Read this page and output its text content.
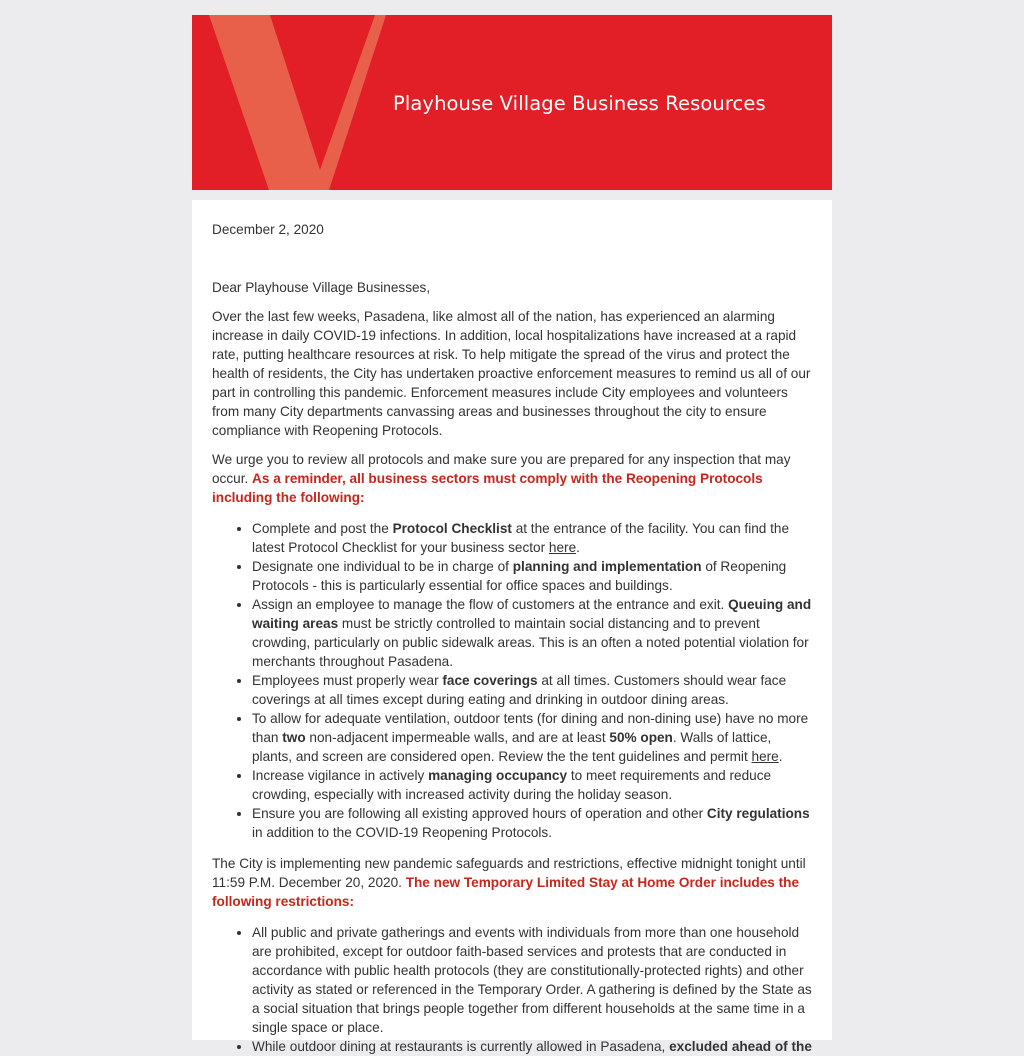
Playhouse Village Business Resources

December 2, 2020

Dear Playhouse Village Businesses,

Over the last few weeks, Pasadena, like almost all of the nation, has experienced an alarming increase in daily COVID-19 infections. In addition, local hospitalizations have increased at a rapid rate, putting healthcare resources at risk. To help mitigate the spread of the virus and protect the health of residents, the City has undertaken proactive enforcement measures to remind us all of our part in controlling this pandemic. Enforcement measures include City employees and volunteers from many City departments canvassing areas and businesses throughout the city to ensure compliance with Reopening Protocols.

We urge you to review all protocols and make sure you are prepared for any inspection that may occur. As a reminder, all business sectors must comply with the Reopening Protocols including the following:

• Complete and post the Protocol Checklist at the entrance of the facility. You can find the latest Protocol Checklist for your business sector here.
• Designate one individual to be in charge of planning and implementation of Reopening Protocols - this is particularly essential for office spaces and buildings.
• Assign an employee to manage the flow of customers at the entrance and exit. Queuing and waiting areas must be strictly controlled to maintain social distancing and to prevent crowding, particularly on public sidewalk areas. This is an often a noted potential violation for merchants throughout Pasadena.
• Employees must properly wear face coverings at all times. Customers should wear face coverings at all times except during eating and drinking in outdoor dining areas.
• To allow for adequate ventilation, outdoor tents (for dining and non-dining use) have no more than two non-adjacent impermeable walls, and are at least 50% open. Walls of lattice, plants, and screen are considered open. Review the the tent guidelines and permit here.
• Increase vigilance in actively managing occupancy to meet requirements and reduce crowding, especially with increased activity during the holiday season.
• Ensure you are following all existing approved hours of operation and other City regulations in addition to the COVID-19 Reopening Protocols.

The City is implementing new pandemic safeguards and restrictions, effective midnight tonight until 11:59 P.M. December 20, 2020. The new Temporary Limited Stay at Home Order includes the following restrictions:

• All public and private gatherings and events with individuals from more than one household are prohibited, except for outdoor faith-based services and protests that are conducted in accordance with public health protocols (they are constitutionally-protected rights) and other activity as stated or referenced in the Temporary Order. A gathering is defined by the State as a social situation that brings people together from different households at the same time in a single space or place.
• While outdoor dining at restaurants is currently allowed in Pasadena, excluded ahead of the
